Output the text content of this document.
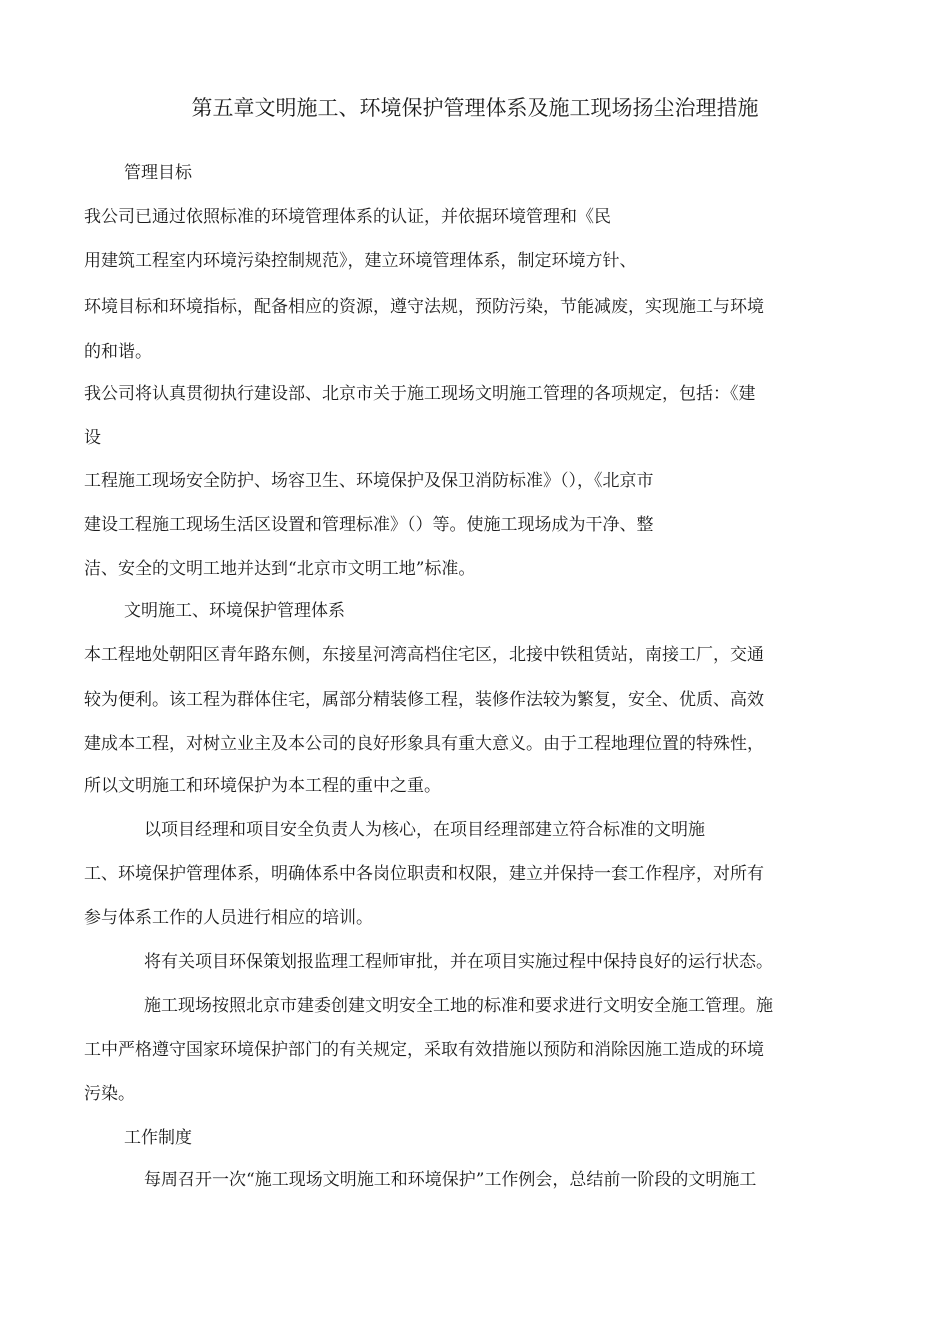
第五章文明施工、环境保护管理体系及施工现场扬尘治理措施
管理目标
我公司已通过依照标准的环境管理体系的认证，并依据环境管理和《民
用建筑工程室内环境污染控制规范》，建立环境管理体系，制定环境方针、
环境目标和环境指标，配备相应的资源，遵守法规，预防污染，节能减废，实现施工与环境
的和谐。
我公司将认真贯彻执行建设部、北京市关于施工现场文明施工管理的各项规定，包括：《建
设
工程施工现场安全防护、场容卫生、环境保护及保卫消防标准》（），《北京市
建设工程施工现场生活区设置和管理标准》（）等。使施工现场成为干净、整
洁、安全的文明工地并达到“北京市文明工地”标准。
文明施工、环境保护管理体系
本工程地处朝阳区青年路东侧，东接星河湾高档住宅区，北接中铁租赁站，南接工厂，交通
较为便利。该工程为群体住宅，属部分精装修工程，装修作法较为繁复，安全、优质、高效
建成本工程，对树立业主及本公司的良好形象具有重大意义。由于工程地理位置的特殊性，
所以文明施工和环境保护为本工程的重中之重。
以项目经理和项目安全负责人为核心，在项目经理部建立符合标准的文明施
工、环境保护管理体系，明确体系中各岗位职责和权限，建立并保持一套工作程序，对所有
参与体系工作的人员进行相应的培训。
将有关项目环保策划报监理工程师审批，并在项目实施过程中保持良好的运行状态。
施工现场按照北京市建委创建文明安全工地的标准和要求进行文明安全施工管理。施
工中严格遵守国家环境保护部门的有关规定，采取有效措施以预防和消除因施工造成的环境
污染。
工作制度
每周召开一次“施工现场文明施工和环境保护”工作例会，总结前一阶段的文明施工
